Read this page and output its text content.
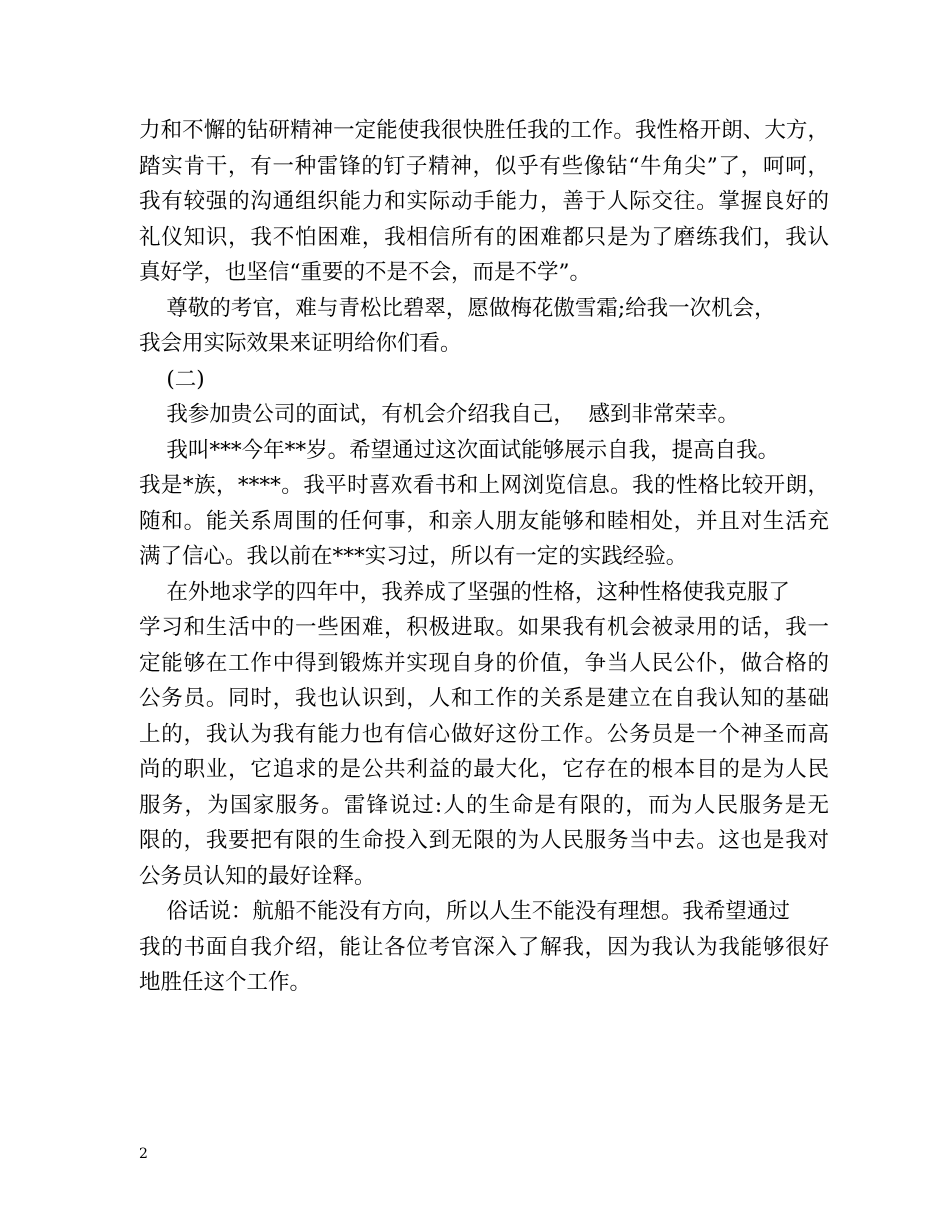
力和不懈的钻研精神一定能使我很快胜任我的工作。我性格开朗、大方，
踏实肯干，有一种雷锋的钉子精神，似乎有些像钻“牛角尖”了，呵呵，
我有较强的沟通组织能力和实际动手能力，善于人际交往。掌握良好的
礼仪知识，我不怕困难，我相信所有的困难都只是为了磨练我们，我认
真好学，也坚信“重要的不是不会，而是不学”。
尊敬的考官，难与青松比碧翠，愿做梅花傲雪霜;给我一次机会，
我会用实际效果来证明给你们看。
(二)
我参加贵公司的面试，有机会介绍我自己，  感到非常荣幸。
我叫***今年**岁。希望通过这次面试能够展示自我，提高自我。
我是*族，****。我平时喜欢看书和上网浏览信息。我的性格比较开朗，
随和。能关系周围的任何事，和亲人朋友能够和睦相处，并且对生活充
满了信心。我以前在***实习过，所以有一定的实践经验。
在外地求学的四年中，我养成了坚强的性格，这种性格使我克服了
学习和生活中的一些困难，积极进取。如果我有机会被录用的话，我一
定能够在工作中得到锻炼并实现自身的价值，争当人民公仆，做合格的
公务员。同时，我也认识到，人和工作的关系是建立在自我认知的基础
上的，我认为我有能力也有信心做好这份工作。公务员是一个神圣而高
尚的职业，它追求的是公共利益的最大化，它存在的根本目的是为人民
服务，为国家服务。雷锋说过:人的生命是有限的，而为人民服务是无
限的，我要把有限的生命投入到无限的为人民服务当中去。这也是我对
公务员认知的最好诠释。
俗话说：航船不能没有方向，所以人生不能没有理想。我希望通过
我的书面自我介绍，能让各位考官深入了解我，因为我认为我能够很好
地胜任这个工作。
2
